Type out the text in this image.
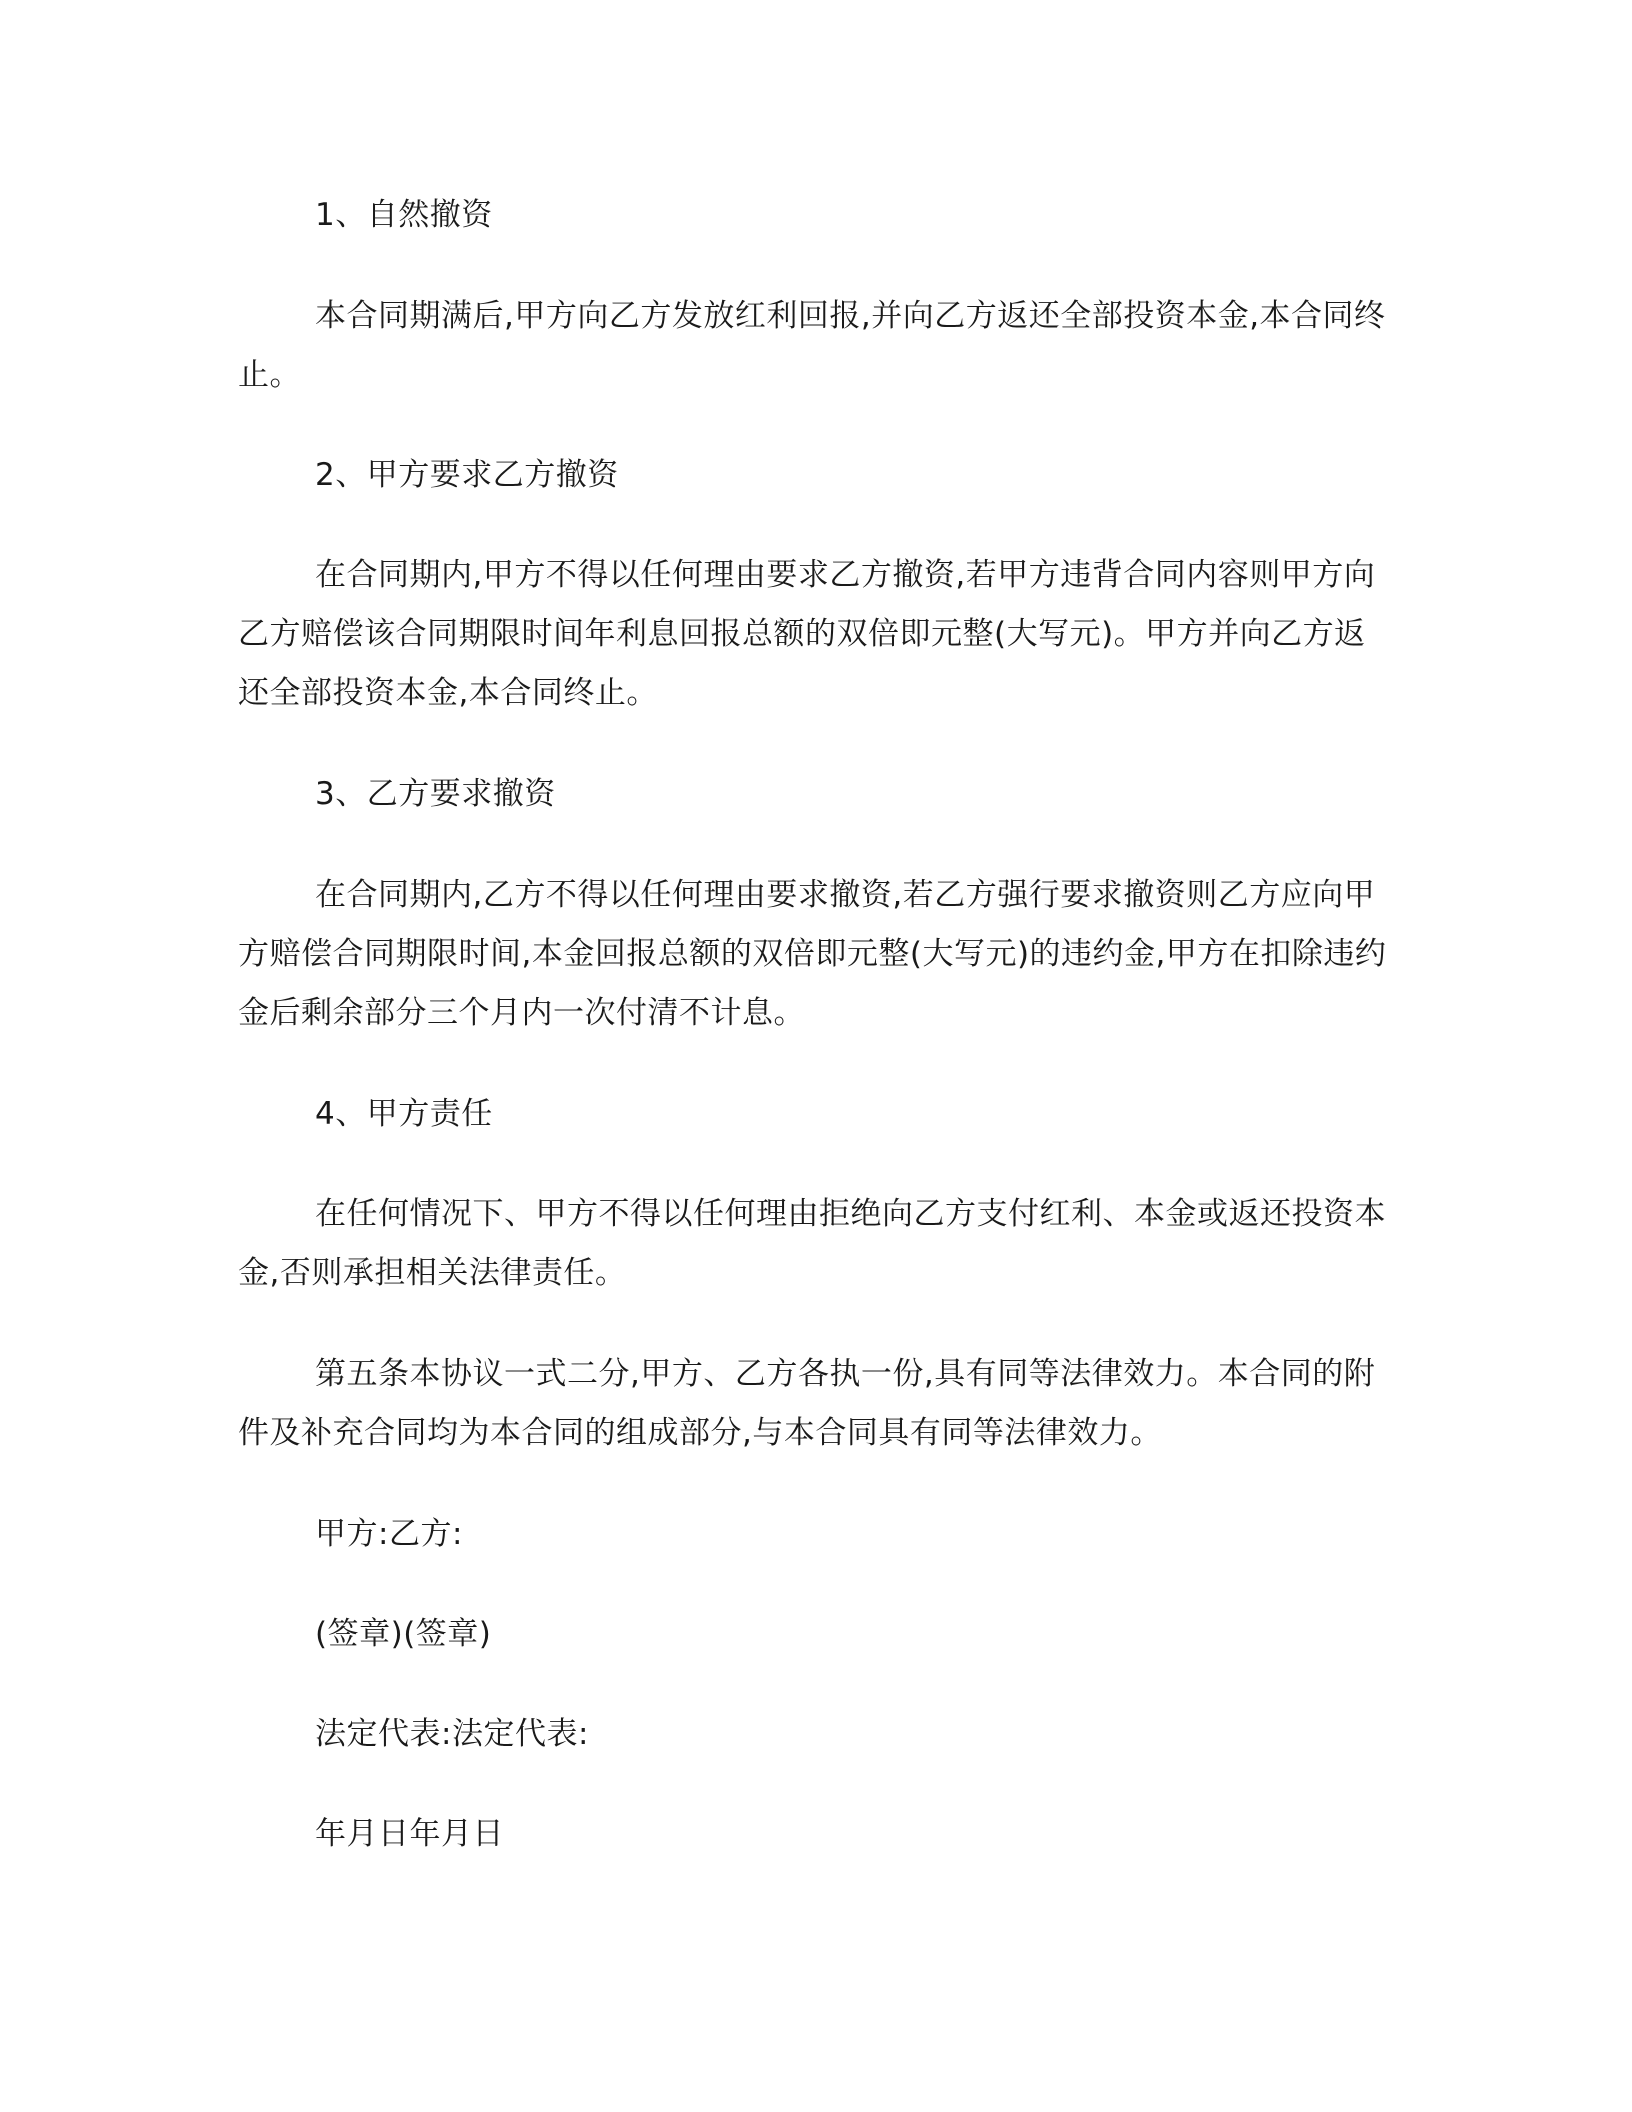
1、自然撤资

本合同期满后,甲方向乙方发放红利回报,并向乙方返还全部投资本金,本合同终止。

2、甲方要求乙方撤资

在合同期内,甲方不得以任何理由要求乙方撤资,若甲方违背合同内容则甲方向乙方赔偿该合同期限时间年利息回报总额的双倍即元整(大写元)。甲方并向乙方返还全部投资本金,本合同终止。

3、乙方要求撤资

在合同期内,乙方不得以任何理由要求撤资,若乙方强行要求撤资则乙方应向甲方赔偿合同期限时间,本金回报总额的双倍即元整(大写元)的违约金,甲方在扣除违约金后剩余部分三个月内一次付清不计息。

4、甲方责任

在任何情况下、甲方不得以任何理由拒绝向乙方支付红利、本金或返还投资本金,否则承担相关法律责任。

第五条本协议一式二分,甲方、乙方各执一份,具有同等法律效力。本合同的附件及补充合同均为本合同的组成部分,与本合同具有同等法律效力。

甲方:乙方:

(签章)(签章)

法定代表:法定代表:

年月日年月日
